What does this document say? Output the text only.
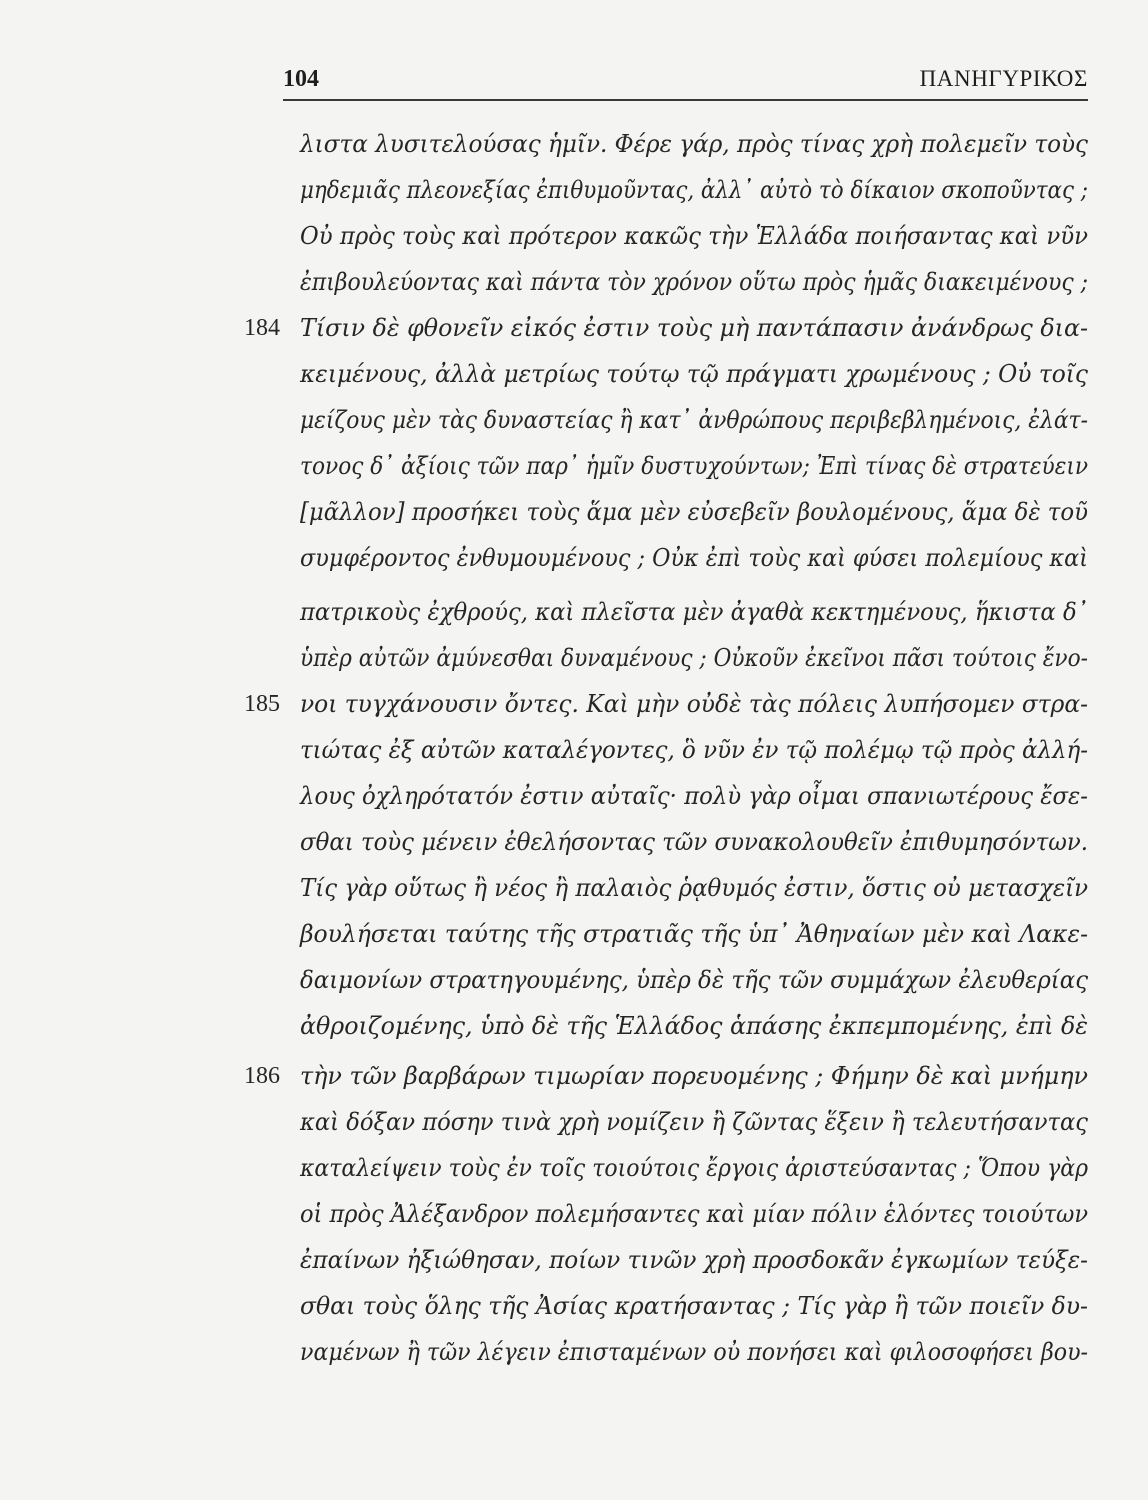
104	ΠΑΝΗΓΥΡΙΚΟΣ
λιστα λυσιτελούσας ἡμῖν. Φέρε γάρ, πρὸς τίνας χρὴ πολεμεῖν τοὺς
μηδεμιᾶς πλεονεξίας ἐπιθυμοῦντας, ἀλλ᾽ αὐτὸ τὸ δίκαιον σκοποῦντας ;
Οὐ πρὸς τοὺς καὶ πρότερον κακῶς τὴν Ἑλλάδα ποιήσαντας καὶ νῦν
ἐπιβουλεύοντας καὶ πάντα τὸν χρόνον οὕτω πρὸς ἡμᾶς διακειμένους ;
184 Τίσιν δὲ φθονεῖν εἰκός ἐστιν τοὺς μὴ παντάπασιν ἀνάνδρως δια-
κειμένους, ἀλλὰ μετρίως τούτῳ τῷ πράγματι χρωμένους ; Οὐ τοῖς
μείζους μὲν τὰς δυναστείας ἢ κατ᾽ ἀνθρώπους περιβεβλημένοις, ἐλάτ-
τονος δ᾽ ἀξίοις τῶν παρ᾽ ἡμῖν δυστυχούντων; Ἐπὶ τίνας δὲ στρατεύειν
[μᾶλλον] προσήκει τοὺς ἅμα μὲν εὐσεβεῖν βουλομένους, ἅμα δὲ τοῦ
συμφέροντος ἐνθυμουμένους ; Οὐκ ἐπὶ τοὺς καὶ φύσει πολεμίους καὶ
πατρικοὺς ἐχθρούς, καὶ πλεῖστα μὲν ἀγαθὰ κεκτημένους, ἥκιστα δ᾽
ὑπὲρ αὐτῶν ἀμύνεσθαι δυναμένους ; Οὐκοῦν ἐκεῖνοι πᾶσι τούτοις ἔνο-
185 νοι τυγχάνουσιν ὄντες. Καὶ μὴν οὐδὲ τὰς πόλεις λυπήσομεν στρα-
τιώτας ἐξ αὐτῶν καταλέγοντες, ὃ νῦν ἐν τῷ πολέμῳ τῷ πρὸς ἀλλή-
λους ὀχληρότατόν ἐστιν αὐταῖς· πολὺ γὰρ οἶμαι σπανιωτέρους ἔσε-
σθαι τοὺς μένειν ἐθελήσοντας τῶν συνακολουθεῖν ἐπιθυμησόντων.
Τίς γὰρ οὕτως ἢ νέος ἢ παλαιὸς ῥᾳθυμός ἐστιν, ὅστις οὐ μετασχεῖν
βουλήσεται ταύτης τῆς στρατιᾶς τῆς ὑπ᾽ Ἀθηναίων μὲν καὶ Λακε-
δαιμονίων στρατηγουμένης, ὑπὲρ δὲ τῆς τῶν συμμάχων ἐλευθερίας
ἀθροιζομένης, ὑπὸ δὲ τῆς Ἑλλάδος ἁπάσης ἐκπεμπομένης, ἐπὶ δὲ
186 τὴν τῶν βαρβάρων τιμωρίαν πορευομένης ; Φήμην δὲ καὶ μνήμην
καὶ δόξαν πόσην τινὰ χρὴ νομίζειν ἢ ζῶντας ἕξειν ἢ τελευτήσαντας
καταλείψειν τοὺς ἐν τοῖς τοιούτοις ἔργοις ἀριστεύσαντας ; Ὅπου γὰρ
οἱ πρὸς Ἀλέξανδρον πολεμήσαντες καὶ μίαν πόλιν ἑλόντες τοιούτων
ἐπαίνων ἠξιώθησαν, ποίων τινῶν χρὴ προσδοκᾶν ἐγκωμίων τεύξε-
σθαι τοὺς ὅλης τῆς Ἀσίας κρατήσαντας ; Τίς γὰρ ἢ τῶν ποιεῖν δυ-
ναμένων ἢ τῶν λέγειν ἐπισταμένων οὐ πονήσει καὶ φιλοσοφήσει βου-
